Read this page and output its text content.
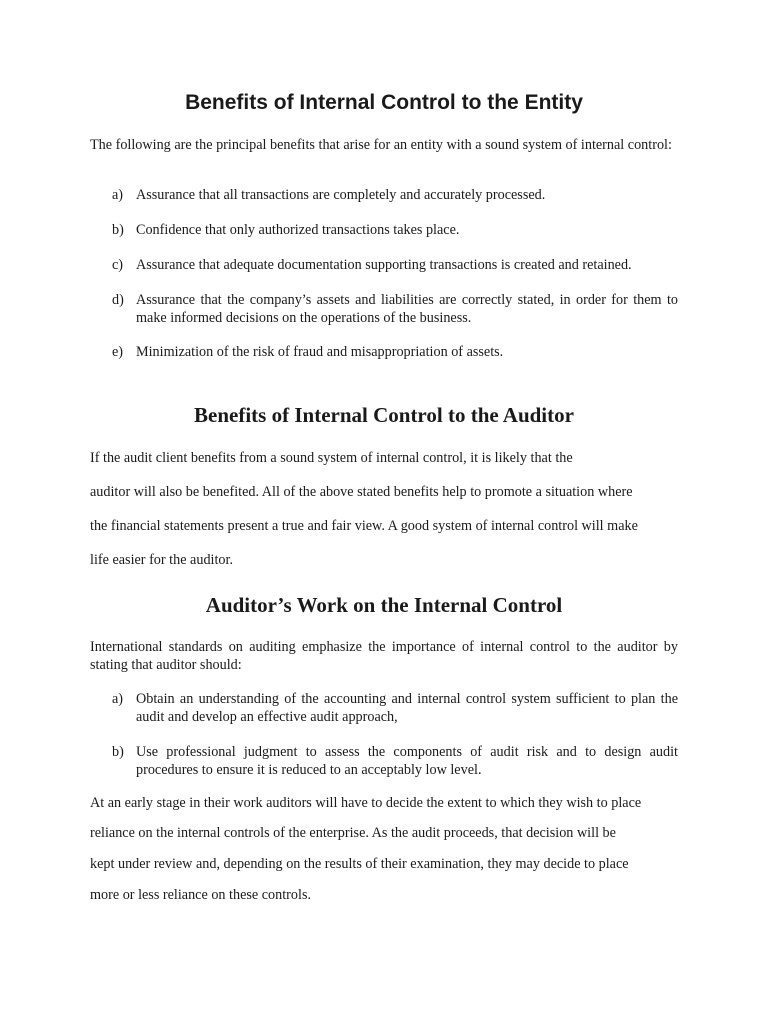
Benefits of Internal Control to the Entity

The following are the principal benefits that arise for an entity with a sound system of internal control:

a) Assurance that all transactions are completely and accurately processed.
b) Confidence that only authorized transactions takes place.
c) Assurance that adequate documentation supporting transactions is created and retained.
d) Assurance that the company’s assets and liabilities are correctly stated, in order for them to make informed decisions on the operations of the business.
e) Minimization of the risk of fraud and misappropriation of assets.
Benefits of Internal Control to the Auditor

If the audit client benefits from a sound system of internal control, it is likely that the

auditor will also be benefited. All of the above stated benefits help to promote a situation where

the financial statements present a true and fair view. A good system of internal control will make

life easier for the auditor.

Auditor’s Work on the Internal Control

International standards on auditing emphasize the importance of internal control to the auditor by stating that auditor should:

a) Obtain an understanding of the accounting and internal control system sufficient to plan the audit and develop an effective audit approach,
b) Use professional judgment to assess the components of audit risk and to design audit procedures to ensure it is reduced to an acceptably low level.

At an early stage in their work auditors will have to decide the extent to which they wish to place

reliance on the internal controls of the enterprise. As the audit proceeds, that decision will be

kept under review and, depending on the results of their examination, they may decide to place

more or less reliance on these controls.
